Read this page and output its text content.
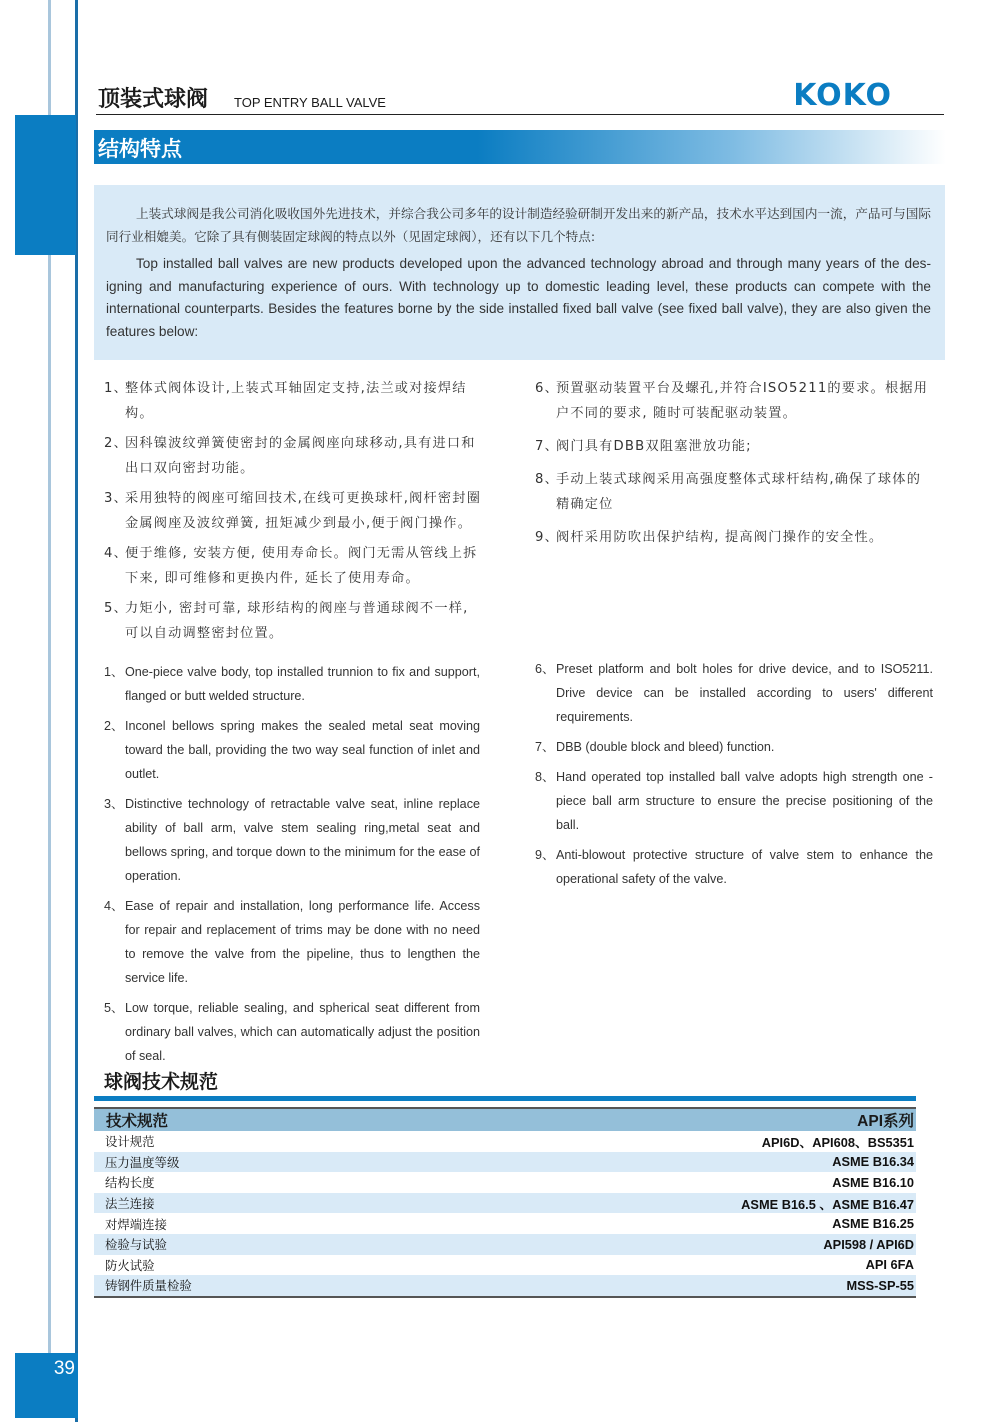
39
顶装式球阀 TOP ENTRY BALL VALVE	KOKO
结构特点

上装式球阀是我公司消化吸收国外先进技术，并综合我公司多年的设计制造经验研制开发出来的新产品，技术水平达到国内一流，产品可与国际同行业相媲美。它除了具有侧装固定球阀的特点以外（见固定球阀），还有以下几个特点:

Top installed ball valves are new products developed upon the advanced technology abroad and through many years of the des-igning and manufacturing experience of ours. With technology up to domestic leading level, these products can compete with the international counterparts. Besides the features borne by the side installed fixed ball valve (see fixed ball valve), they are also given the features below:

1、
整体式阀体设计,上装式耳轴固定支持,法兰或对接焊结构。
2、
因科镍波纹弹簧使密封的金属阀座向球移动,具有进口和出口双向密封功能。
3、
采用独特的阀座可缩回技术,在线可更换球杆,阀杆密封圈金属阀座及波纹弹簧, 扭矩减少到最小,便于阀门操作。
4、
便于维修, 安装方便, 使用寿命长。阀门无需从管线上拆下来, 即可维修和更换内件, 延长了使用寿命。
5、
力矩小, 密封可靠, 球形结构的阀座与普通球阀不一样, 可以自动调整密封位置。
6、
预置驱动装置平台及螺孔,并符合ISO5211的要求。根据用户不同的要求, 随时可装配驱动装置。
7、
阀门具有DBB双阻塞泄放功能;
8、
手动上装式球阀采用高强度整体式球杆结构,确保了球体的精确定位
9、
阀杆采用防吹出保护结构, 提高阀门操作的安全性。
1、 One-piece valve body, top installed trunnion to fix and support, flanged or butt welded structure.
2、 Inconel bellows spring makes the sealed metal seat moving toward the ball, providing the two way seal function of inlet and outlet.
3、 Distinctive technology of retractable valve seat, inline replace ability of ball arm, valve stem sealing ring,metal seat and bellows spring, and torque down to the minimum for the ease of operation.
4、 Ease of repair and installation, long performance life. Access for repair and replacement of trims may be done with no need to remove the valve from the pipeline, thus to lengthen the service life.
5、 Low torque, reliable sealing, and spherical seat different from ordinary ball valves, which can automatically adjust the position of seal.
6、 Preset platform and bolt holes for drive device, and to ISO5211. Drive device can be installed according to users' different requirements.
7、 DBB (double block and bleed) function.
8、 Hand operated top installed ball valve adopts high strength one -piece ball arm structure to ensure the precise positioning of the ball.
9、 Anti-blowout protective structure of valve stem to enhance the operational safety of the valve.
球阀技术规范
技术规范	API系列
设计规范	API6D、API608、BS5351
压力温度等级	ASME B16.34
结构长度	ASME B16.10
法兰连接	ASME B16.5 、ASME B16.47
对焊端连接	ASME B16.25
检验与试验	API598 / API6D
防火试验	API 6FA
铸钢件质量检验	MSS-SP-55
